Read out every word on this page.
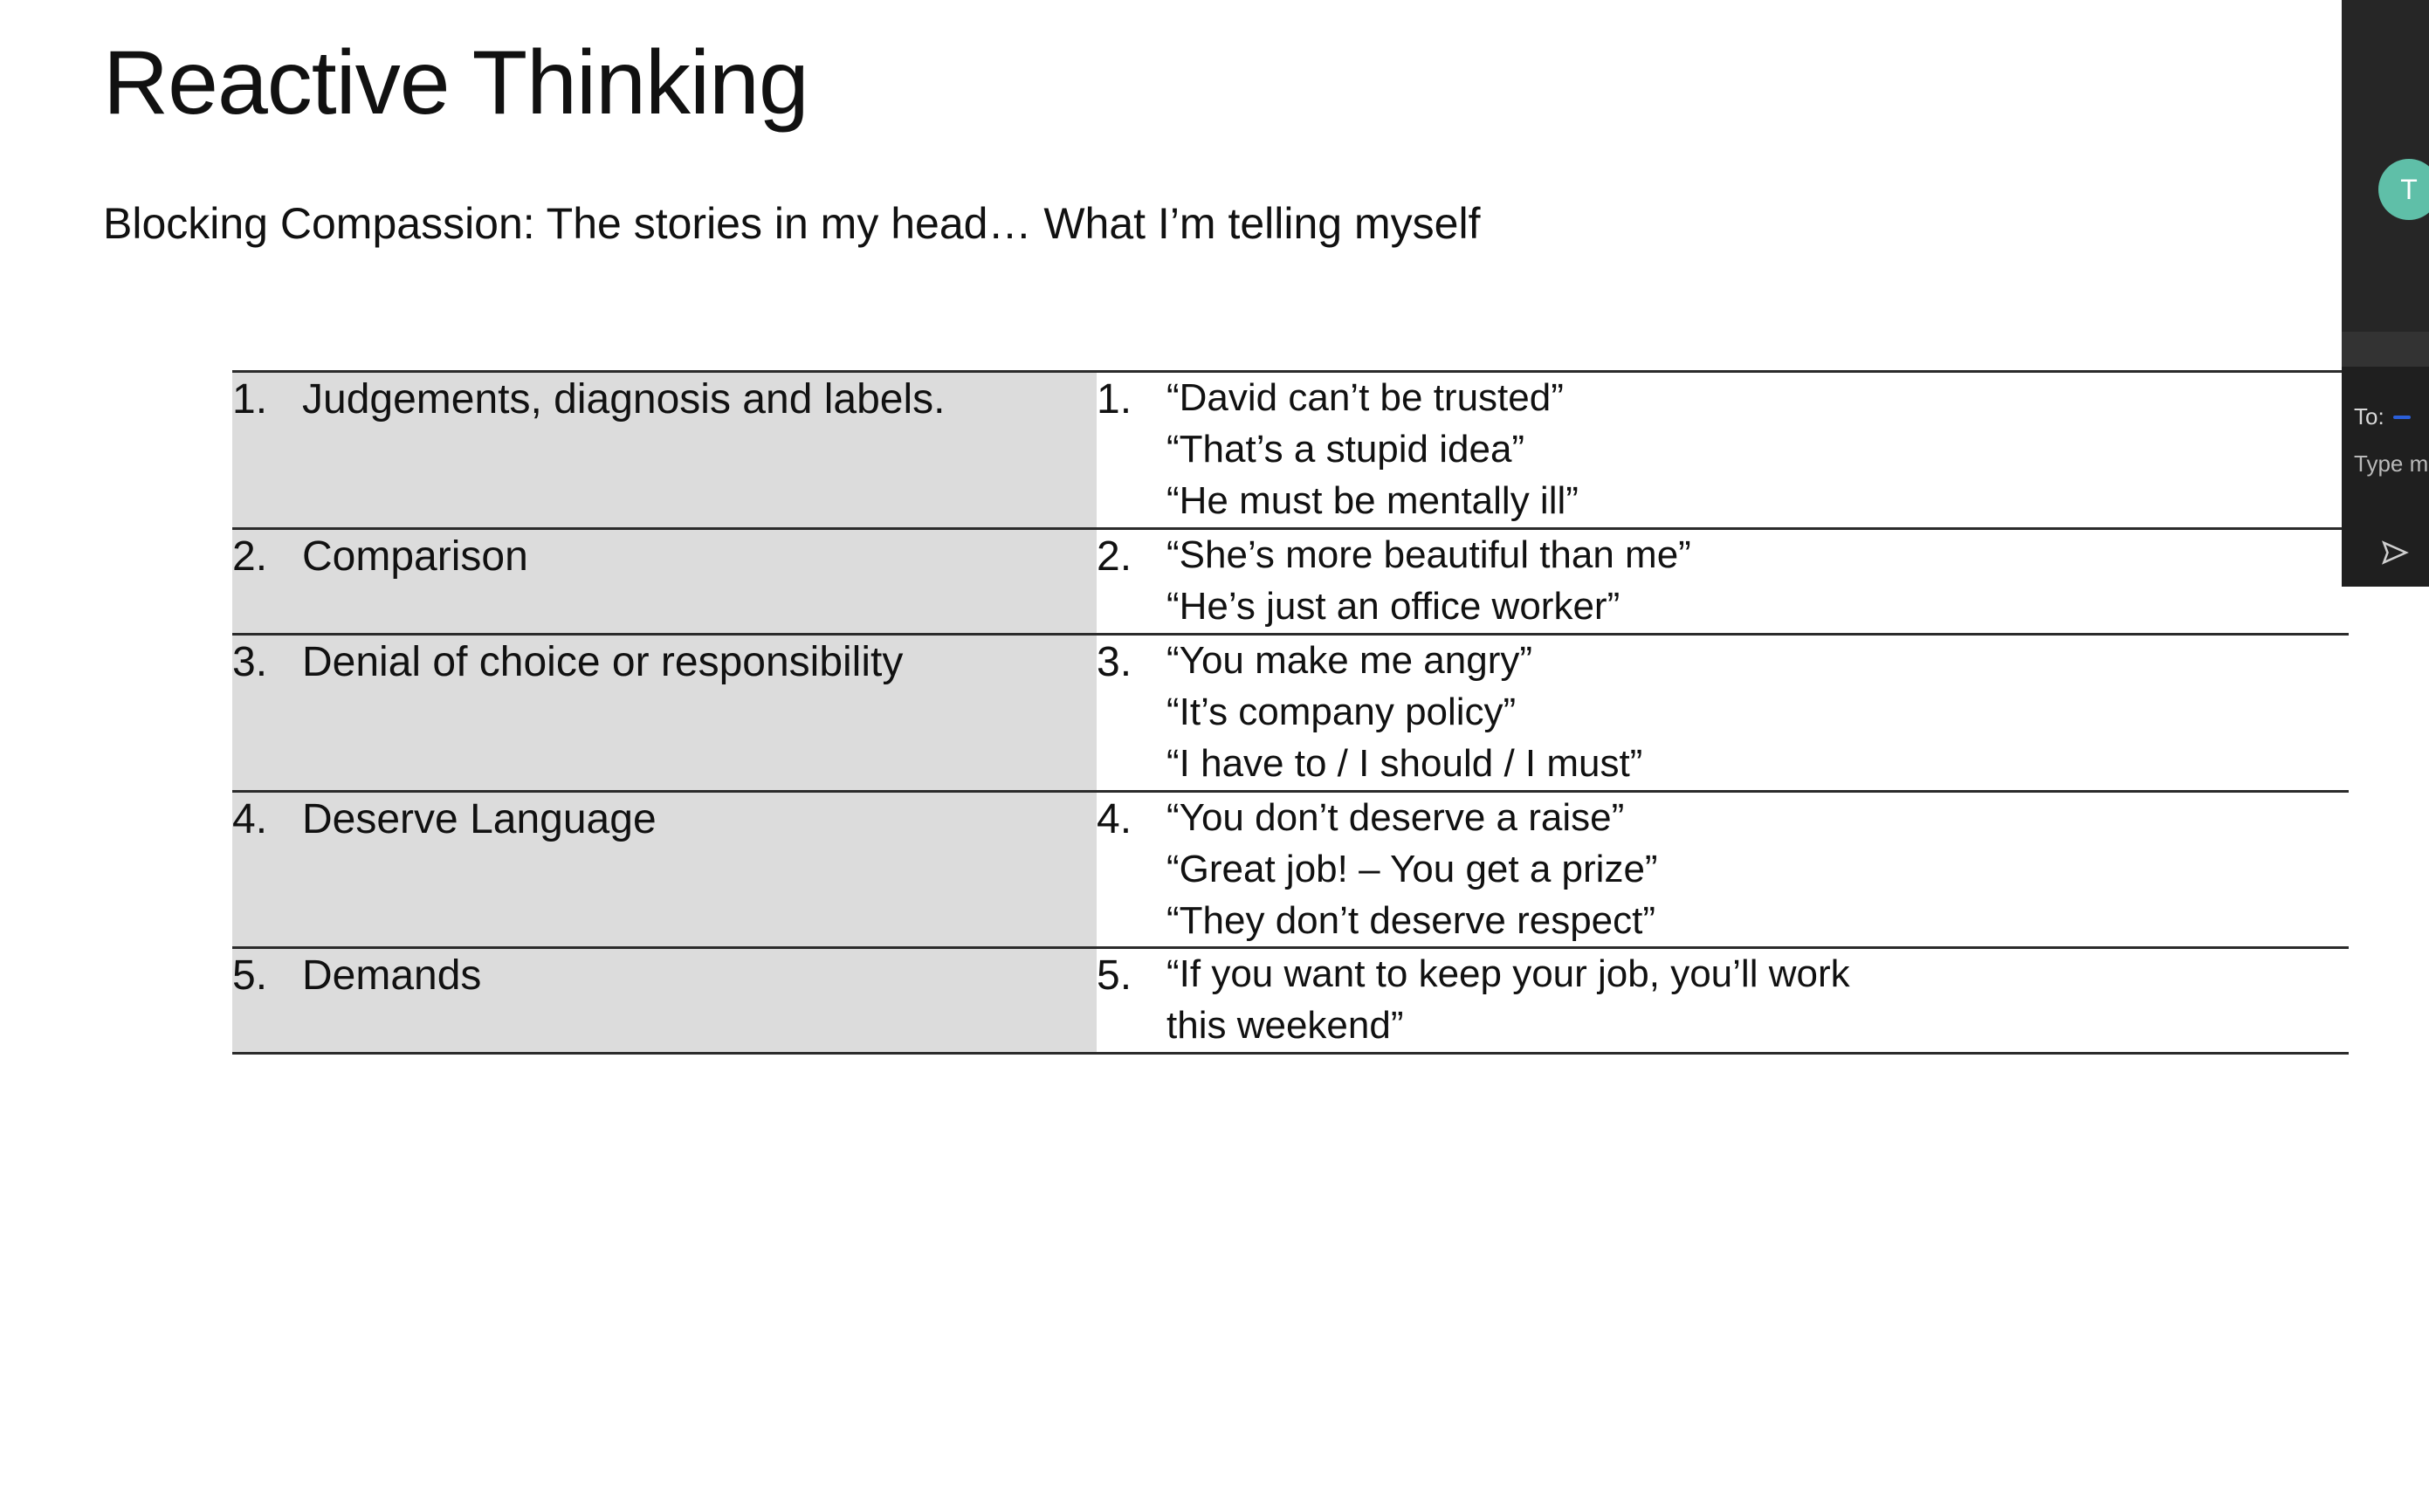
Reactive Thinking
Blocking Compassion: The stories in my head… What I’m telling myself
1. Judgements, diagnosis and labels.	1. “David can’t be trusted”
“That’s a stupid idea”
“He must be mentally ill”

2. Comparison	2. “She’s more beautiful than me”
“He’s just an office worker”

3. Denial of choice or responsibility	3. “You make me angry”
“It’s company policy”
“I have to / I should / I must”

4. Deserve Language	4. “You don’t deserve a raise”
“Great job! – You get a prize”
“They don’t deserve respect”

5. Demands	5. “If you want to keep your job, you’ll work
this weekend”
T
To:
Type m
